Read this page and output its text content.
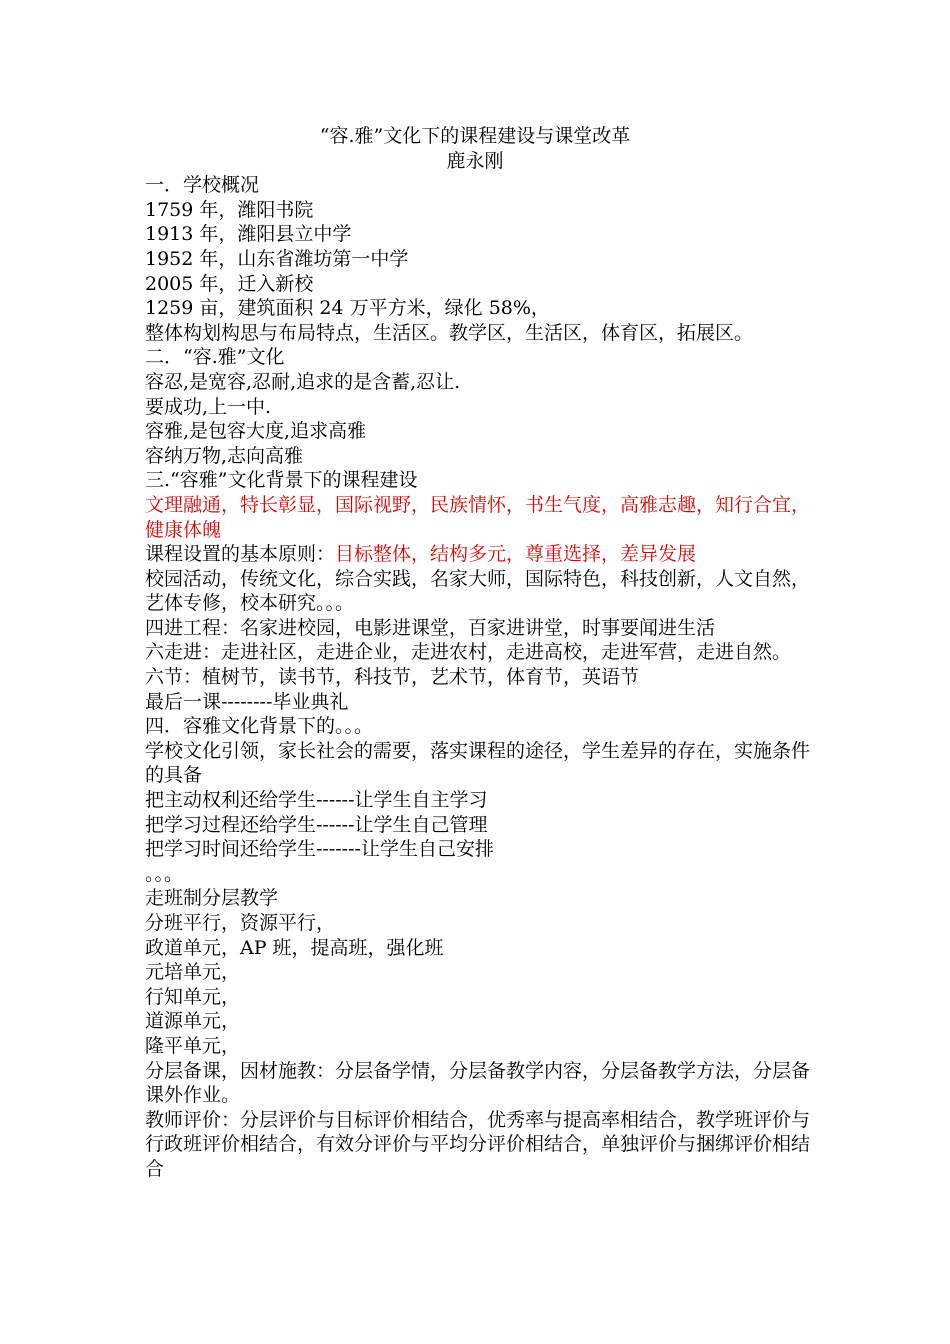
“容.雅”文化下的课程建设与课堂改革
鹿永刚
一．学校概况
1759 年，潍阳书院
1913 年，潍阳县立中学
1952 年，山东省潍坊第一中学
2005 年，迁入新校
1259 亩，建筑面积 24 万平方米，绿化 58%，
整体构划构思与布局特点，生活区。教学区，生活区，体育区，拓展区。
二．“容.雅”文化
容忍,是宽容,忍耐,追求的是含蓄,忍让.
要成功,上一中.
容雅,是包容大度,追求高雅
容纳万物,志向高雅
三.“容雅”文化背景下的课程建设
文理融通，特长彰显，国际视野，民族情怀，书生气度，高雅志趣，知行合宜，健康体魄
课程设置的基本原则：目标整体，结构多元，尊重选择，差异发展
校园活动，传统文化，综合实践，名家大师，国际特色，科技创新，人文自然，艺体专修，校本研究。。。
四进工程：名家进校园，电影进课堂，百家进讲堂，时事要闻进生活
六走进：走进社区，走进企业，走进农村，走进高校，走进军营，走进自然。
六节：植树节，读书节，科技节，艺术节，体育节，英语节
最后一课--------毕业典礼
四．容雅文化背景下的。。。
学校文化引领，家长社会的需要，落实课程的途径，学生差异的存在，实施条件的具备
把主动权利还给学生------让学生自主学习
把学习过程还给学生------让学生自己管理
把学习时间还给学生-------让学生自己安排
。。。
走班制分层教学
分班平行，资源平行，
政道单元，AP 班，提高班，强化班
元培单元，
行知单元，
道源单元，
隆平单元，
分层备课，因材施教：分层备学情，分层备教学内容，分层备教学方法，分层备课外作业。
教师评价：分层评价与目标评价相结合，优秀率与提高率相结合，教学班评价与行政班评价相结合，有效分评价与平均分评价相结合，单独评价与捆绑评价相结合
